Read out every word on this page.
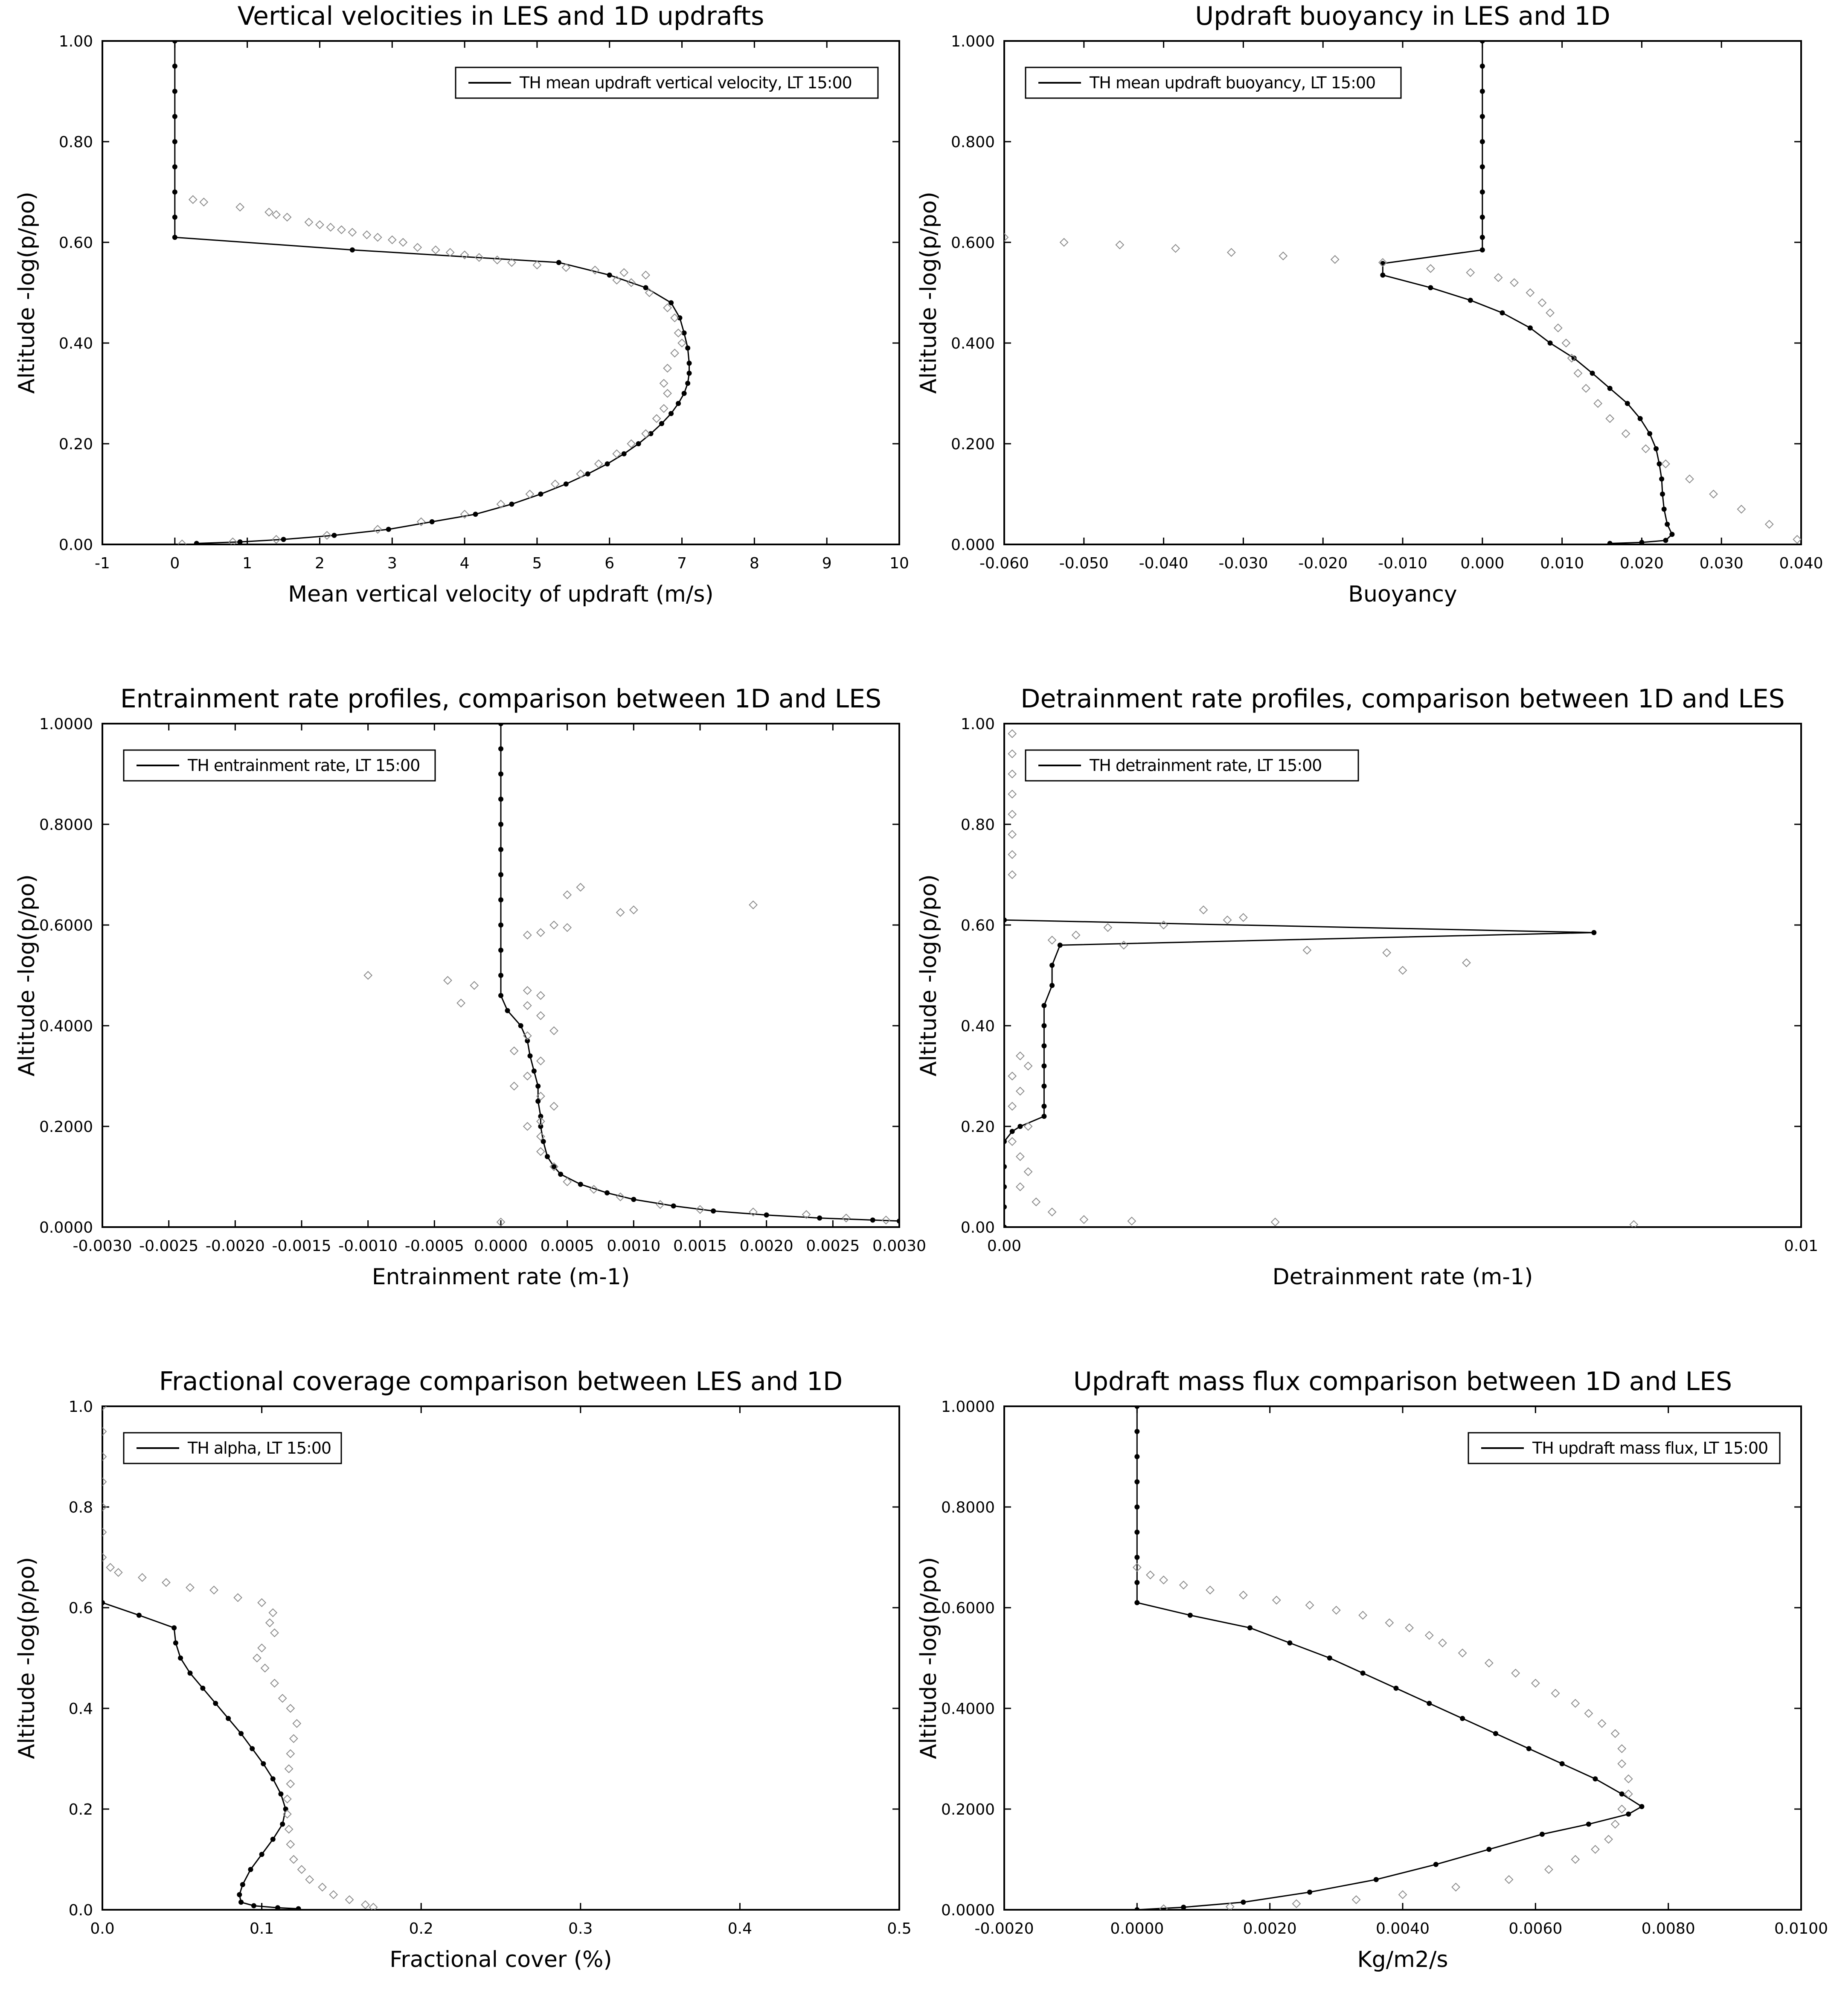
Vertical velocities in LES and 1D updrafts
-1	0	1	2	3	4	5	6	7	8	9	10
0.00
0.20
0.40
0.60
0.80
1.00
Mean vertical velocity of updraft (m/s)
Altitude -log(p/po)
TH mean updraft vertical velocity, LT 15:00
Updraft buoyancy in LES and 1D
-0.060 -0.050 -0.040 -0.030 -0.020 -0.010 0.000 0.010 0.020 0.030 0.040
0.000
0.200
0.400
0.600
0.800
1.000
Buoyancy
Altitude -log(p/po)
TH mean updraft buoyancy, LT 15:00
Entrainment rate profiles, comparison between 1D and LES
-0.0030 -0.0025 -0.0020 -0.0015 -0.0010 -0.0005 0.0000 0.0005 0.0010 0.0015 0.0020 0.0025 0.0030
0.0000
0.2000
0.4000
0.6000
0.8000
1.0000
Entrainment rate (m-1)
Altitude -log(p/po)
TH entrainment rate, LT 15:00
Detrainment rate profiles, comparison between 1D and LES
0.00	0.01
0.00
0.20
0.40
0.60
0.80
1.00
Detrainment rate (m-1)
Altitude -log(p/po)
TH detrainment rate, LT 15:00
Fractional coverage comparison between LES and 1D
0.0	0.1	0.2	0.3	0.4	0.5
0.0
0.2
0.4
0.6
0.8
1.0
Fractional cover (%)
Altitude -log(p/po)
TH alpha, LT 15:00
Updraft mass flux comparison between 1D and LES
-0.0020	0.0000	0.0020	0.0040	0.0060	0.0080	0.0100
0.0000
0.2000
0.4000
0.6000
0.8000
1.0000
Kg/m2/s
Altitude -log(p/po)
TH updraft mass flux, LT 15:00
